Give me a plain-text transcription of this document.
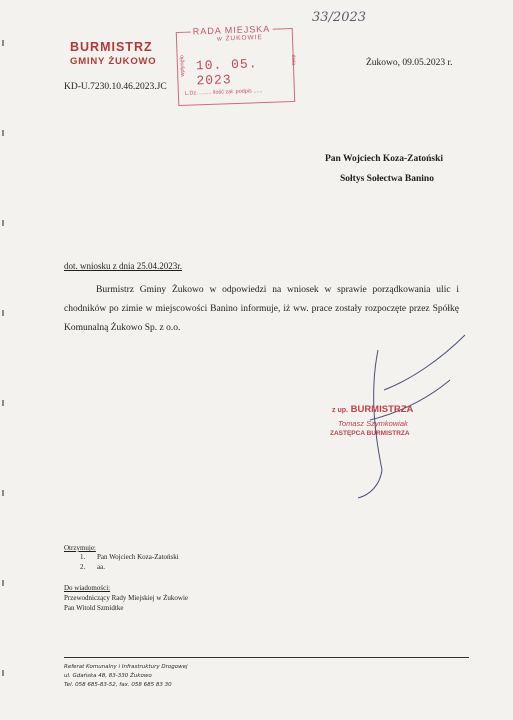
33/2023
BURMISTRZ
GMINY ŻUKOWO
KD-U.7230.10.46.2023.JC
RADA MIEJSKA
w ŻUKOWIE
wpłynęło	data
10. 05. 2023
L.Dz. ........ ilość zał. podpis ......
Żukowo, 09.05.2023 r.
Pan Wojciech Koza-Zatoński
Sołtys Sołectwa Banino
dot. wniosku z dnia 25.04.2023r.
Burmistrz Gminy Żukowo w odpowiedzi na wniosek w sprawie porządkowania ulic i chodników po zimie w miejscowości Banino informuje, iż ww. prace zostały rozpoczęte przez Spółkę Komunalną Żukowo Sp. z o.o.
z up. BURMISTRZA
Tomasz Szymkowiak
ZASTĘPCA BURMISTRZA
Otrzymuje:
1. Pan Wojciech Koza-Zatoński
2. aa.
Do wiadomości:
Przewodniczący Rady Miejskiej w Żukowie
Pan Witold Szmidtke
Referat Komunalny i Infrastruktury Drogowej
ul. Gdańska 48, 83-330 Żukowo
Tel. 058 685-83-52, fax. 058 685 83 30
